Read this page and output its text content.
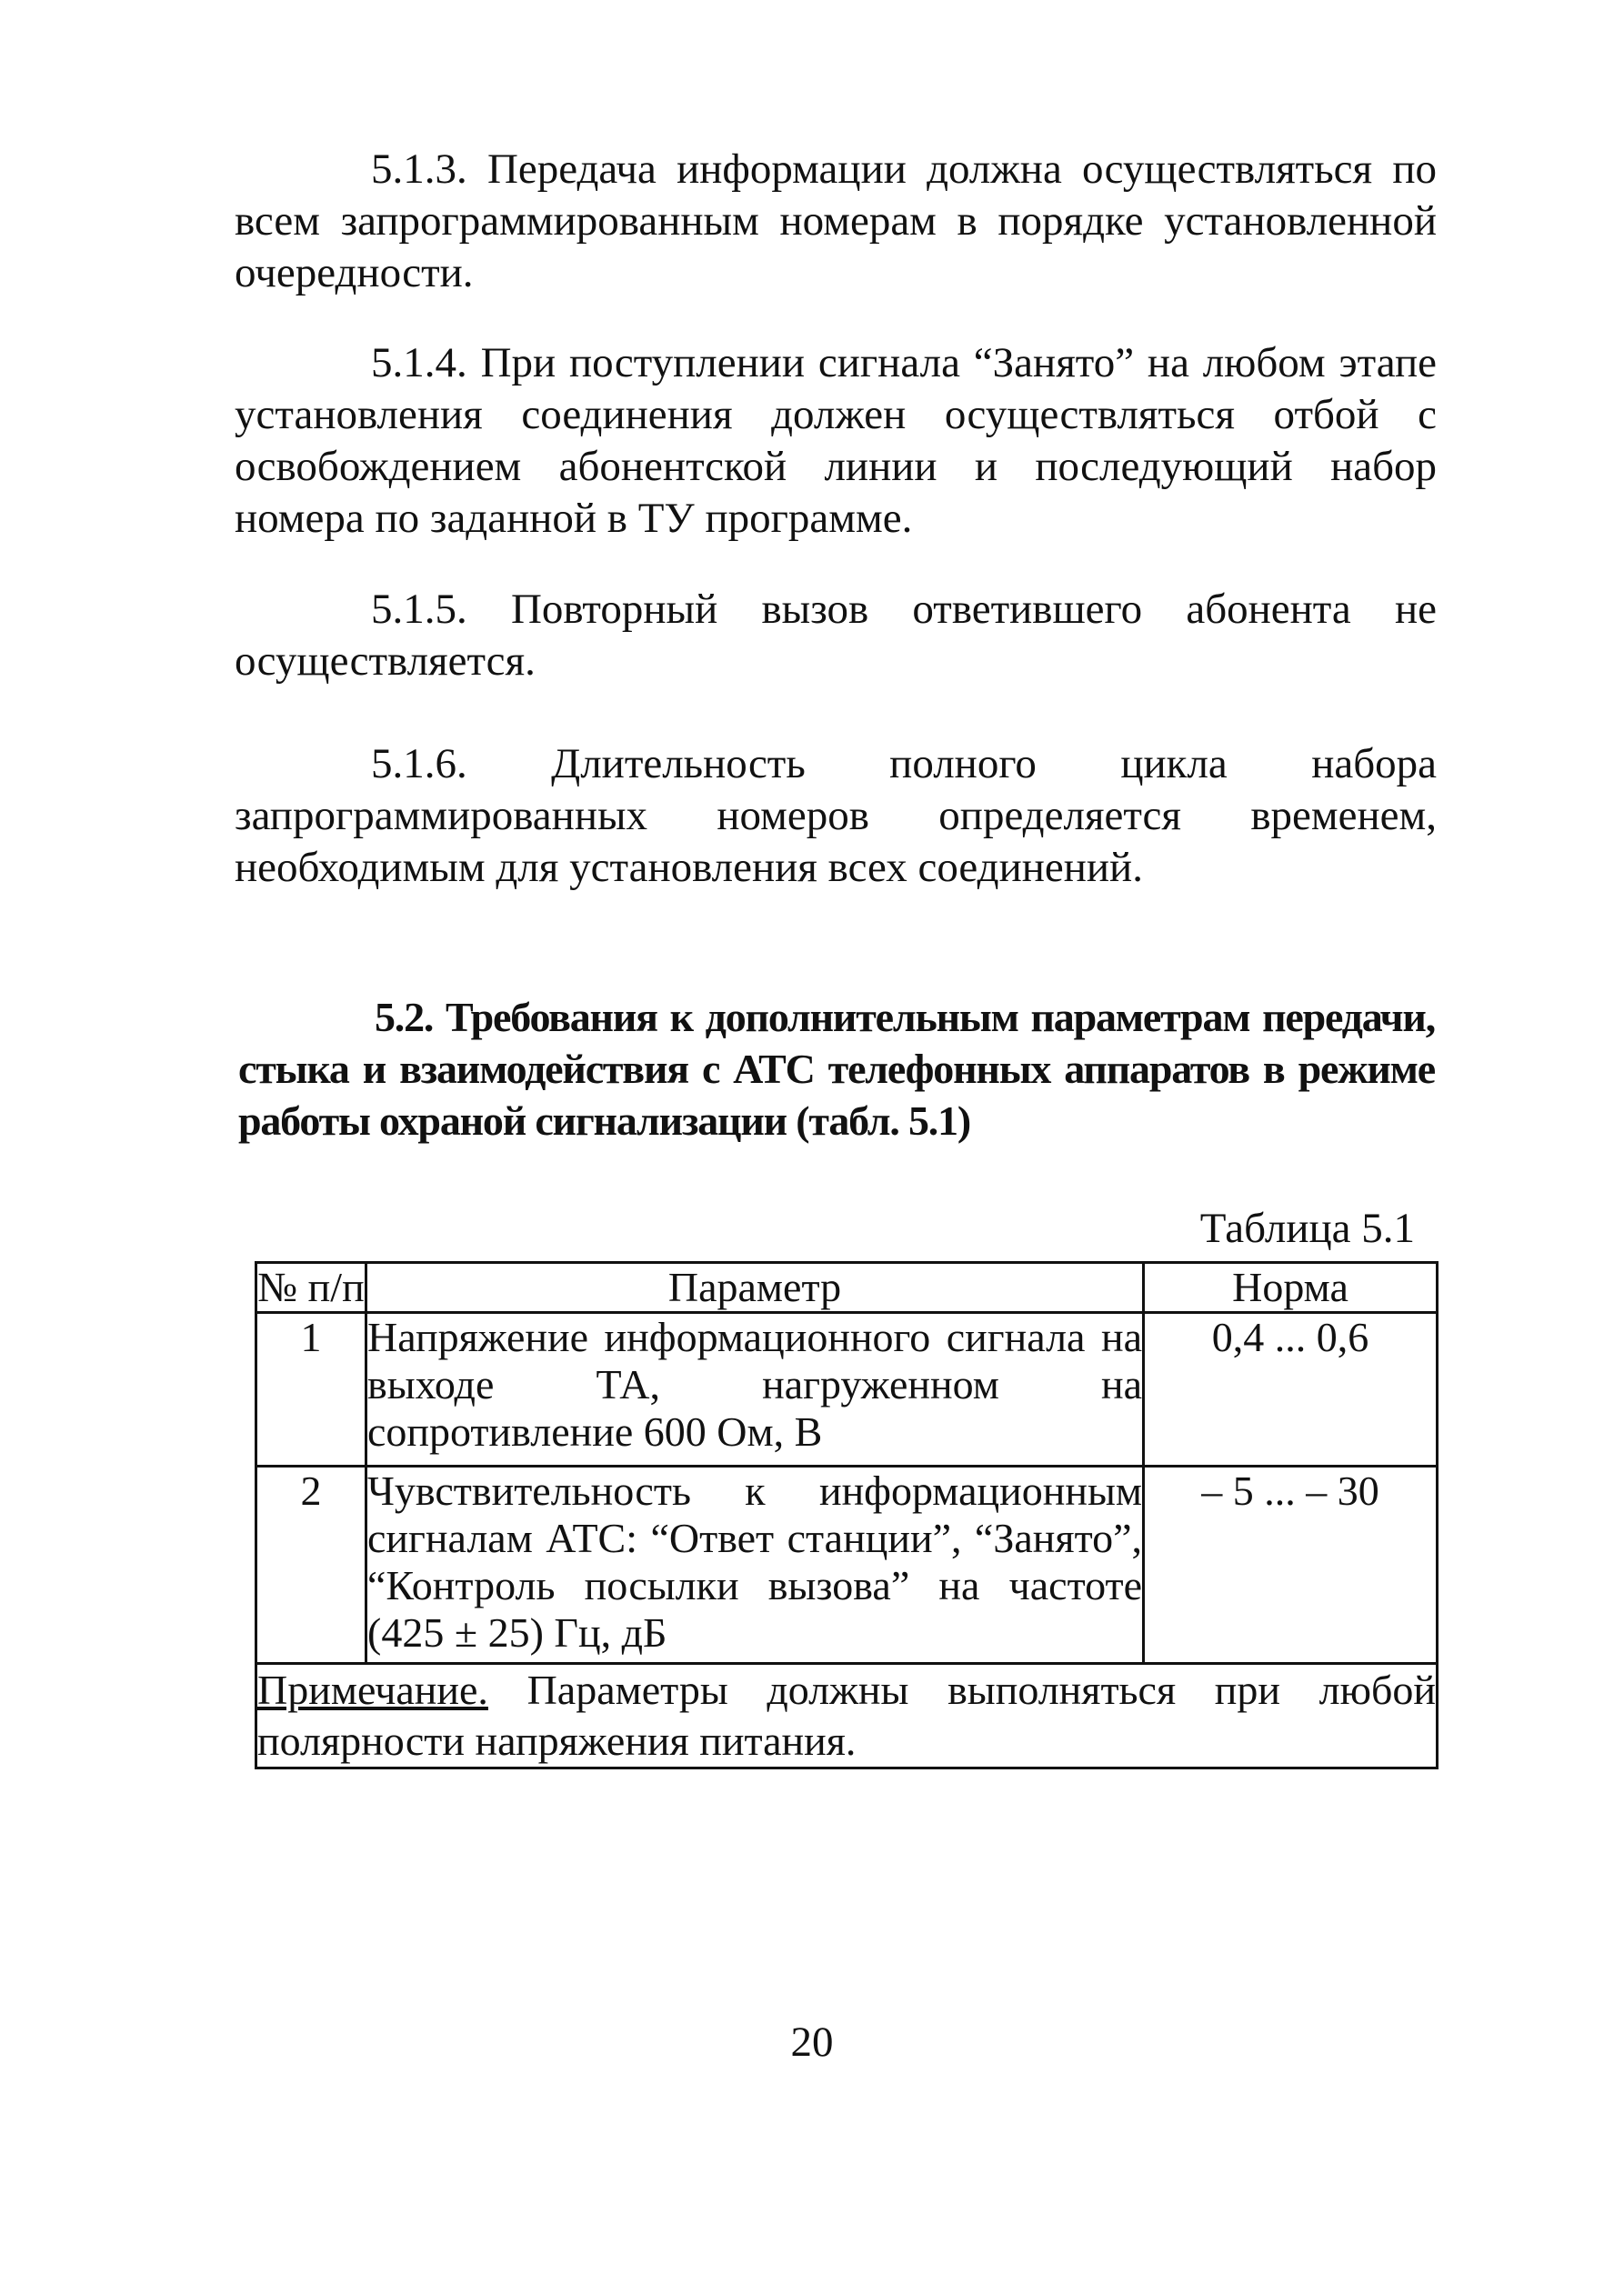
5.1.3. Передача информации должна осуществляться по всем запрограммированным номерам в порядке установленной очередности.

5.1.4. При поступлении сигнала “Занято” на любом этапе установления соединения должен осуществляться отбой с освобождением абонентской линии и последующий набор номера по заданной в ТУ программе.

5.1.5. Повторный вызов ответившего абонента не осуществляется.

5.1.6. Длительность полного цикла набора запрограммированных номеров определяется временем, необходимым для установления всех соединений.

5.2. Требования к дополнительным параметрам передачи, стыка и взаимодействия с АТС телефонных аппаратов в режиме работы охраной сигнализации (табл. 5.1)

Таблица 5.1
№ п/п	Параметр	Норма
1	Напряжение информационного сигнала на выходе ТА, нагруженном на сопротивление 600 Ом, В	0,4 ... 0,6
2	Чувствительность к информационным сигналам АТС: “Ответ станции”, “Занято”, “Контроль посылки вызова” на частоте (425 ± 25) Гц, дБ	– 5 ... – 30
Примечание. Параметры должны выполняться при любой полярности напряжения питания.		
20
